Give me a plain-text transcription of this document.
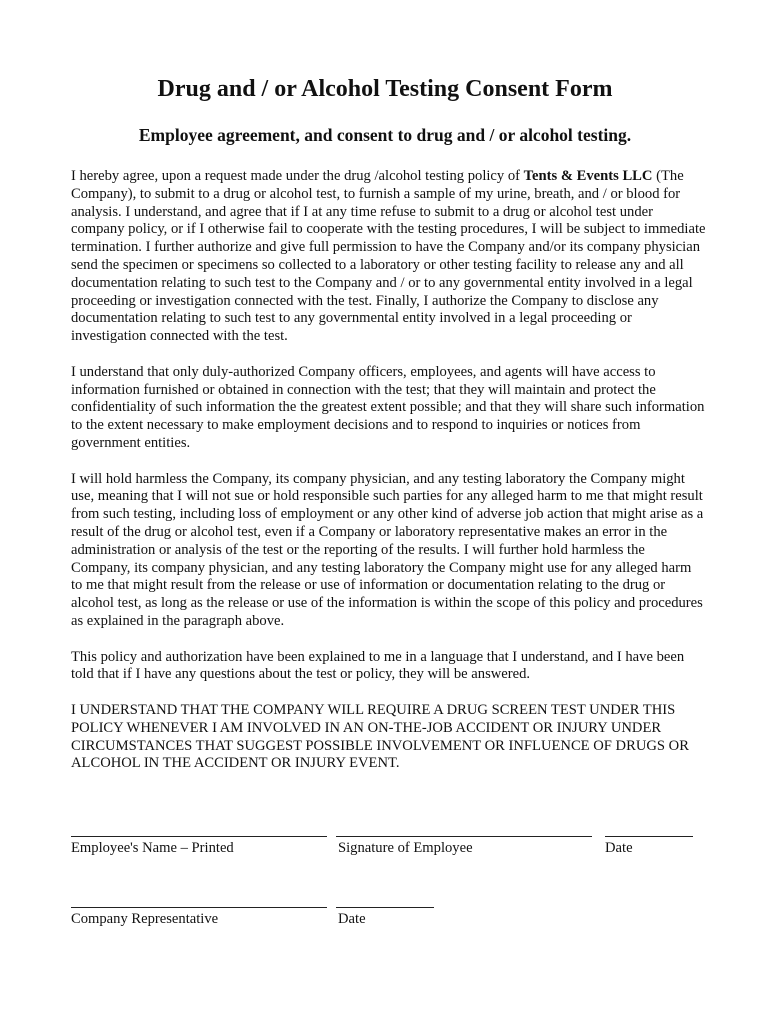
Drug and / or Alcohol Testing Consent Form
Employee agreement, and consent to drug and / or alcohol testing.

I hereby agree, upon a request made under the drug /alcohol testing policy of Tents & Events LLC (The Company), to submit to a drug or alcohol test, to furnish a sample of my urine, breath, and / or blood for analysis. I understand, and agree that if I at any time refuse to submit to a drug or alcohol test under company policy, or if I otherwise fail to cooperate with the testing procedures, I will be subject to immediate termination. I further authorize and give full permission to have the Company and/or its company physician send the specimen or specimens so collected to a laboratory or other testing facility to release any and all documentation relating to such test to the Company and / or to any governmental entity involved in a legal proceeding or investigation connected with the test. Finally, I authorize the Company to disclose any documentation relating to such test to any governmental entity involved in a legal proceeding or investigation connected with the test.

I understand that only duly-authorized Company officers, employees, and agents will have access to information furnished or obtained in connection with the test; that they will maintain and protect the confidentiality of such information the the greatest extent possible; and that they will share such information to the extent necessary to make employment decisions and to respond to inquiries or notices from government entities.

I will hold harmless the Company, its company physician, and any testing laboratory the Company might use, meaning that I will not sue or hold responsible such parties for any alleged harm to me that might result from such testing, including loss of employment or any other kind of adverse job action that might arise as a result of the drug or alcohol test, even if a Company or laboratory representative makes an error in the administration or analysis of the test or the reporting of the results. I will further hold harmless the Company, its company physician, and any testing laboratory the Company might use for any alleged harm to me that might result from the release or use of information or documentation relating to the drug or alcohol test, as long as the release or use of the information is within the scope of this policy and procedures as explained in the paragraph above.

This policy and authorization have been explained to me in a language that I understand, and I have been told that if I have any questions about the test or policy, they will be answered.

I UNDERSTAND THAT THE COMPANY WILL REQUIRE A DRUG SCREEN TEST UNDER THIS POLICY WHENEVER I AM INVOLVED IN AN ON-THE-JOB ACCIDENT OR INJURY UNDER CIRCUMSTANCES THAT SUGGEST POSSIBLE INVOLVEMENT OR INFLUENCE OF DRUGS OR ALCOHOL IN THE ACCIDENT OR INJURY EVENT.

Employee's Name – Printed	Signature of Employee	Date
Company Representative	Date
